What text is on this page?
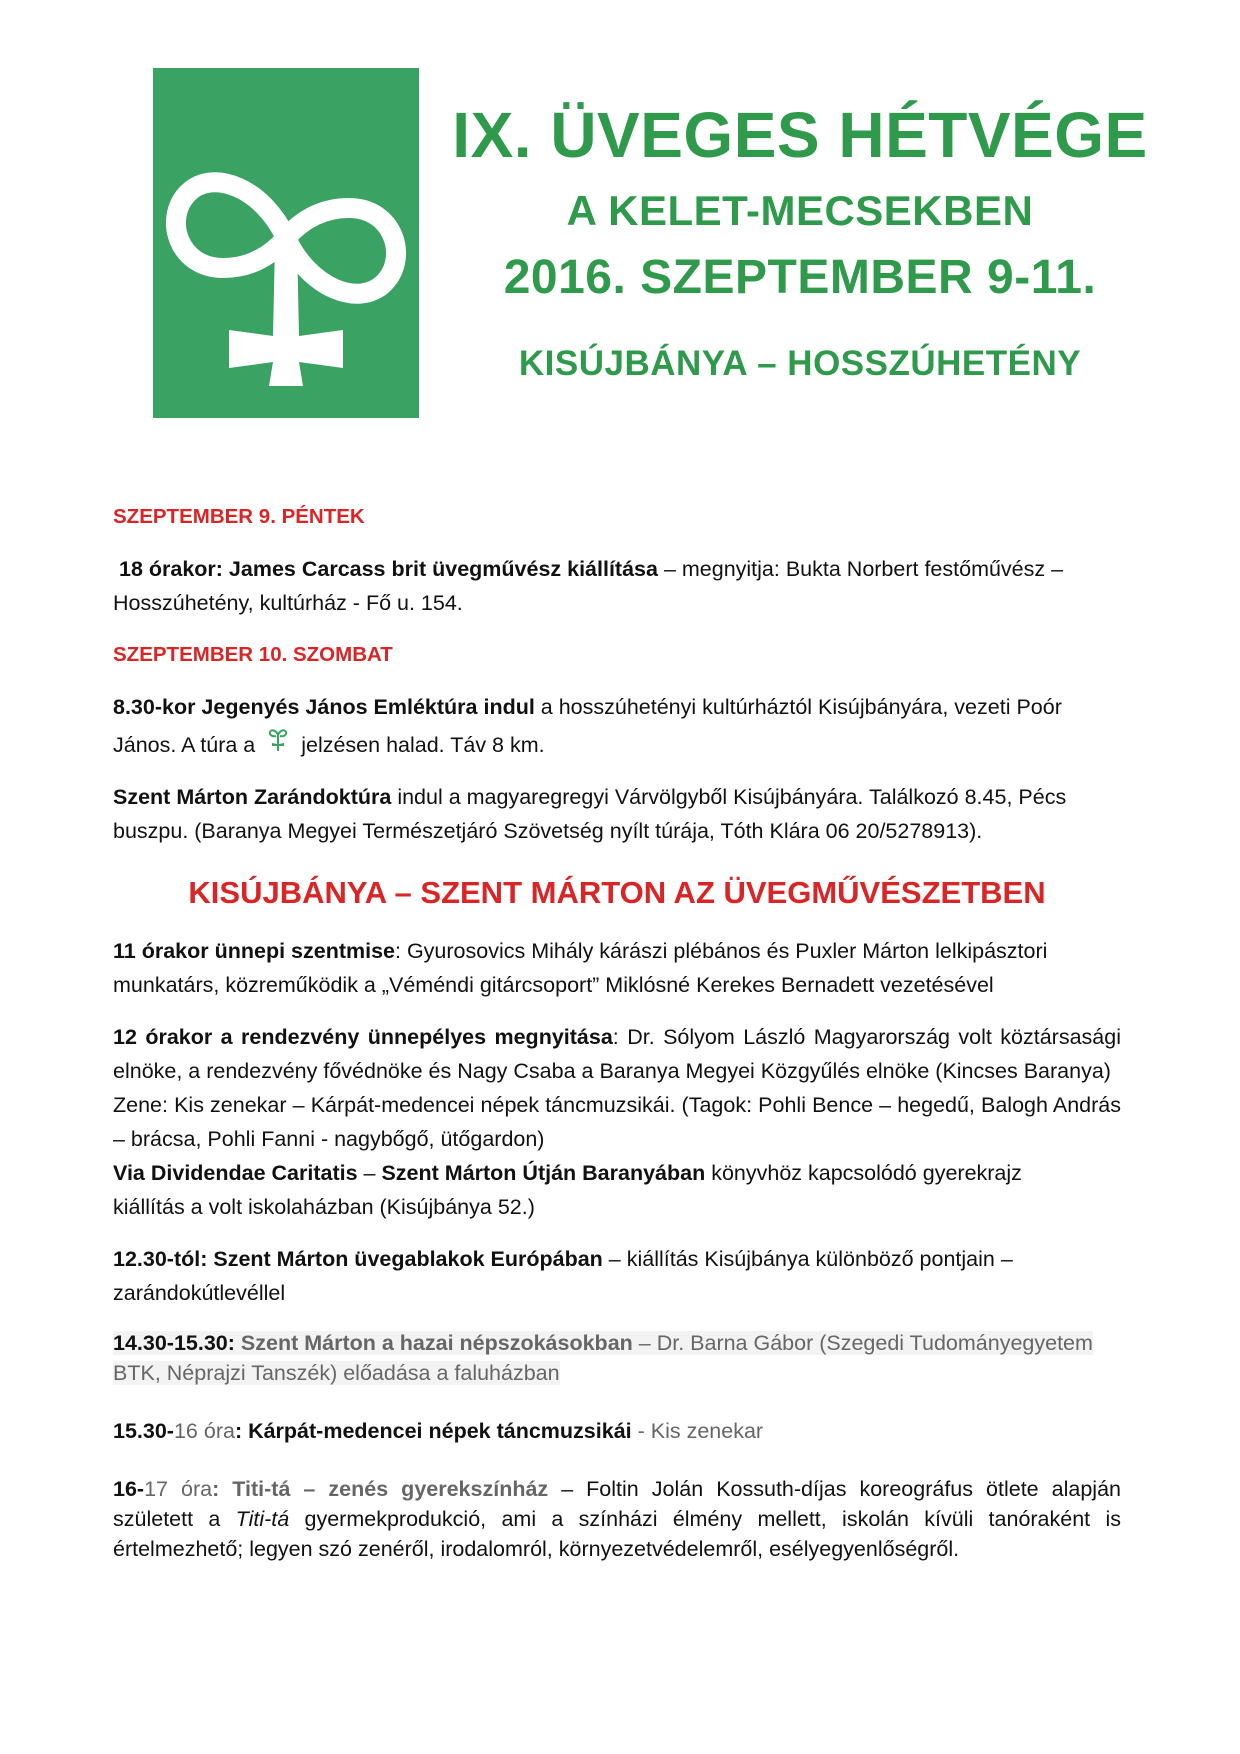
IX. ÜVEGES HÉTVÉGE
A KELET-MECSEKBEN
2016. SZEPTEMBER 9-11.
KISÚJBÁNYA – HOSSZÚHETÉNY

SZEPTEMBER 9. PÉNTEK

18 órakor: James Carcass brit üvegművész kiállítása – megnyitja: Bukta Norbert festőművész –
Hosszúhetény, kultúrház - Fő u. 154.

SZEPTEMBER 10. SZOMBAT

8.30-kor Jegenyés János Emléktúra indul a hosszúhetényi kultúrháztól Kisújbányára, vezeti Poór
János. A túra a jelzésen halad. Táv 8 km.

Szent Márton Zarándoktúra indul a magyaregregyi Várvölgyből Kisújbányára. Találkozó 8.45, Pécs
buszpu. (Baranya Megyei Természetjáró Szövetség nyílt túrája, Tóth Klára 06 20/5278913).

KISÚJBÁNYA – SZENT MÁRTON AZ ÜVEGMŰVÉSZETBEN

11 órakor ünnepi szentmise: Gyurosovics Mihály kárászi plébános és Puxler Márton lelkipásztori
munkatárs, közreműködik a „Véméndi gitárcsoport” Miklósné Kerekes Bernadett vezetésével

12 órakor a rendezvény ünnepélyes megnyitása: Dr. Sólyom László Magyarország volt köztársasági elnöke, a rendezvény fővédnöke és Nagy Csaba a Baranya Megyei Közgyűlés elnöke (Kincses Baranya)

Zene: Kis zenekar – Kárpát-medencei népek táncmuzsikái. (Tagok: Pohli Bence – hegedű, Balogh András – brácsa, Pohli Fanni - nagybőgő, ütőgardon)

Via Dividendae Caritatis – Szent Márton Útján Baranyában könyvhöz kapcsolódó gyerekrajz
kiállítás a volt iskolaházban (Kisújbánya 52.)

12.30-tól: Szent Márton üvegablakok Európában – kiállítás Kisújbánya különböző pontjain –
zarándokútlevéllel

14.30-15.30: Szent Márton a hazai népszokásokban – Dr. Barna Gábor (Szegedi Tudományegyetem
BTK, Néprajzi Tanszék) előadása a faluházban

15.30-16 óra: Kárpát-medencei népek táncmuzsikái - Kis zenekar

16-17 óra: Titi-tá – zenés gyerekszínház – Foltin Jolán Kossuth-díjas koreográfus ötlete alapján született a Titi-tá gyermekprodukció, ami a színházi élmény mellett, iskolán kívüli tanóraként is értelmezhető; legyen szó zenéről, irodalomról, környezetvédelemről, esélyegyenlőségről.
